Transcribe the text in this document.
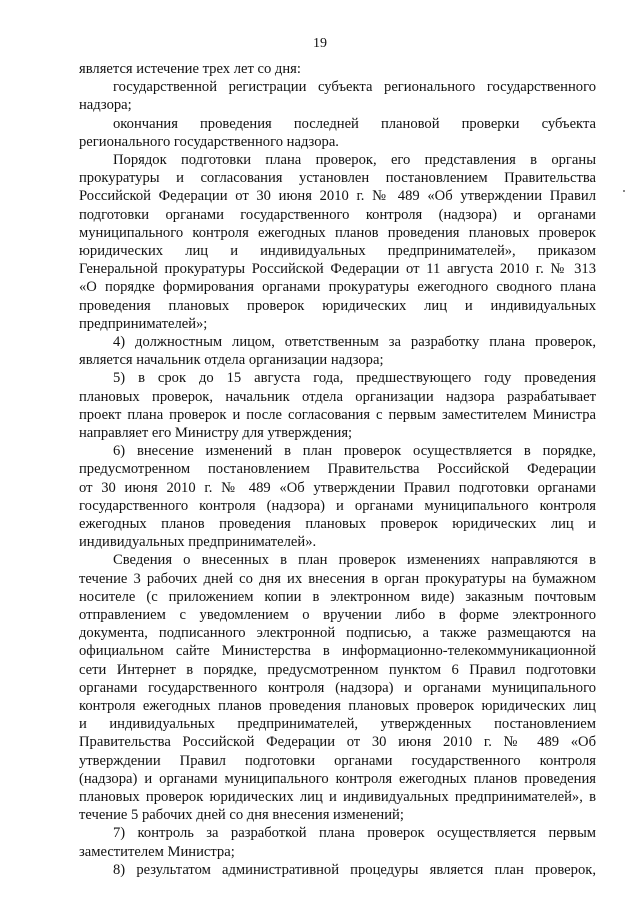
19
является истечение трех лет со дня:
государственной регистрации субъекта регионального государственного
надзора;
окончания проведения последней плановой проверки субъекта
регионального государственного надзора.
Порядок подготовки плана проверок, его представления в органы
прокуратуры и согласования установлен постановлением Правительства
Российской Федерации от 30 июня 2010 г. № 489 «Об утверждении Правил
подготовки органами государственного контроля (надзора) и органами
муниципального контроля ежегодных планов проведения плановых проверок
юридических лиц и индивидуальных предпринимателей», приказом
Генеральной прокуратуры Российской Федерации от 11 августа 2010 г. № 313
«О порядке формирования органами прокуратуры ежегодного сводного плана
проведения плановых проверок юридических лиц и индивидуальных
предпринимателей»;
4) должностным лицом, ответственным за разработку плана проверок,
является начальник отдела организации надзора;
5) в срок до 15 августа года, предшествующего году проведения
плановых проверок, начальник отдела организации надзора разрабатывает
проект плана проверок и после согласования с первым заместителем Министра
направляет его Министру для утверждения;
6) внесение изменений в план проверок осуществляется в порядке,
предусмотренном постановлением Правительства Российской Федерации
от 30 июня 2010 г. № 489 «Об утверждении Правил подготовки органами
государственного контроля (надзора) и органами муниципального контроля
ежегодных планов проведения плановых проверок юридических лиц и
индивидуальных предпринимателей».
Сведения о внесенных в план проверок изменениях направляются в
течение 3 рабочих дней со дня их внесения в орган прокуратуры на бумажном
носителе (с приложением копии в электронном виде) заказным почтовым
отправлением с уведомлением о вручении либо в форме электронного
документа, подписанного электронной подписью, а также размещаются на
официальном сайте Министерства в информационно-телекоммуникационной
сети Интернет в порядке, предусмотренном пунктом 6 Правил подготовки
органами государственного контроля (надзора) и органами муниципального
контроля ежегодных планов проведения плановых проверок юридических лиц
и индивидуальных предпринимателей, утвержденных постановлением
Правительства Российской Федерации от 30 июня 2010 г. № 489 «Об
утверждении Правил подготовки органами государственного контроля
(надзора) и органами муниципального контроля ежегодных планов проведения
плановых проверок юридических лиц и индивидуальных предпринимателей», в
течение 5 рабочих дней со дня внесения изменений;
7) контроль за разработкой плана проверок осуществляется первым
заместителем Министра;
8) результатом административной процедуры является план проверок,
